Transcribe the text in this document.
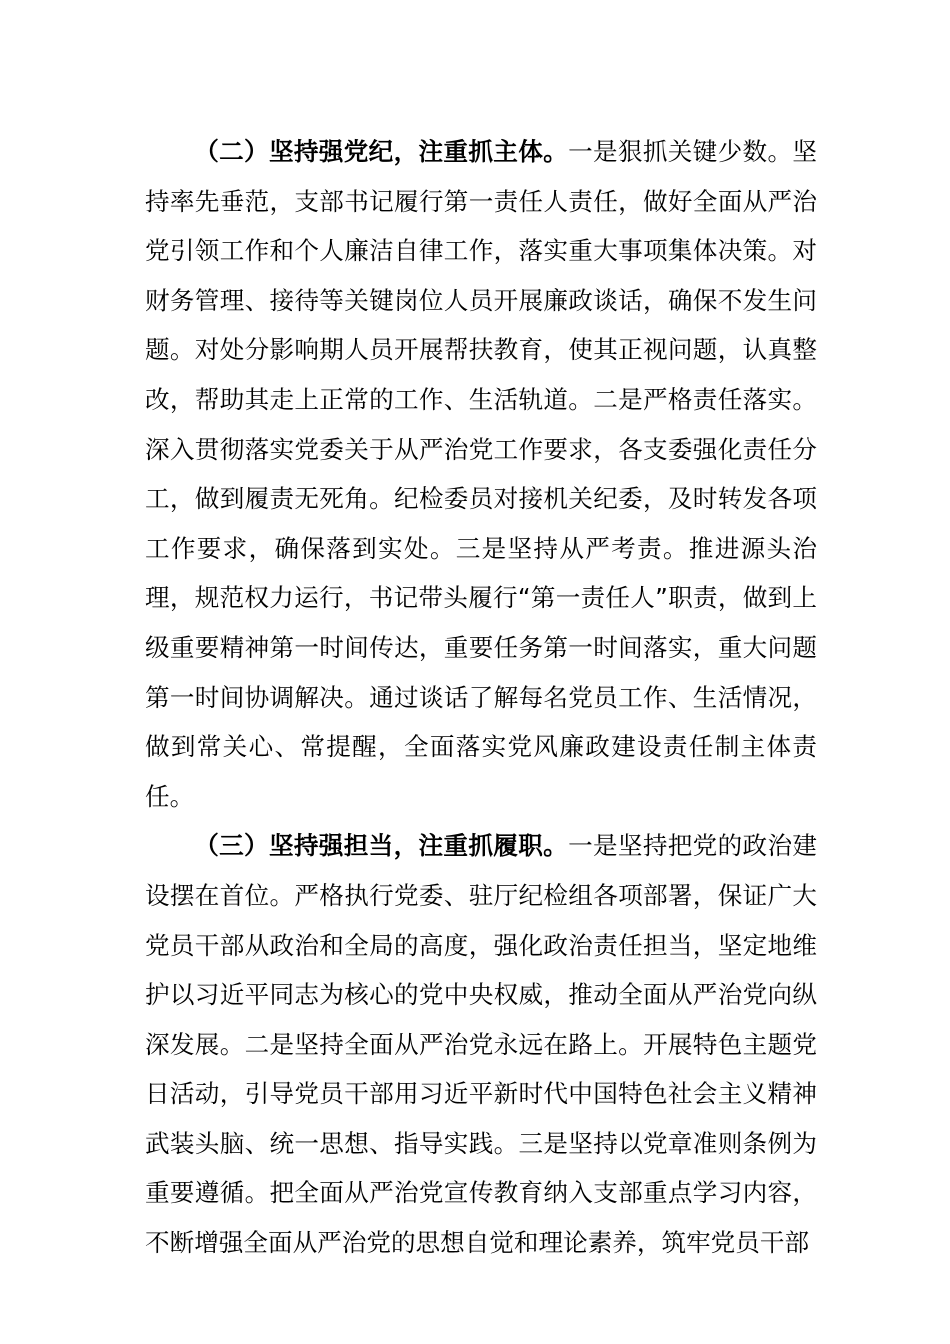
（二）坚持强党纪，注重抓主体。一是狠抓关键少数。坚持率先垂范，支部书记履行第一责任人责任，做好全面从严治党引领工作和个人廉洁自律工作，落实重大事项集体决策。对财务管理、接待等关键岗位人员开展廉政谈话，确保不发生问题。对处分影响期人员开展帮扶教育，使其正视问题，认真整改，帮助其走上正常的工作、生活轨道。二是严格责任落实。深入贯彻落实党委关于从严治党工作要求，各支委强化责任分工，做到履责无死角。纪检委员对接机关纪委，及时转发各项工作要求，确保落到实处。三是坚持从严考责。推进源头治理，规范权力运行，书记带头履行“第一责任人”职责，做到上级重要精神第一时间传达，重要任务第一时间落实，重大问题第一时间协调解决。通过谈话了解每名党员工作、生活情况，做到常关心、常提醒，全面落实党风廉政建设责任制主体责任。

（三）坚持强担当，注重抓履职。一是坚持把党的政治建设摆在首位。严格执行党委、驻厅纪检组各项部署，保证广大党员干部从政治和全局的高度，强化政治责任担当，坚定地维护以习近平同志为核心的党中央权威，推动全面从严治党向纵深发展。二是坚持全面从严治党永远在路上。开展特色主题党日活动，引导党员干部用习近平新时代中国特色社会主义精神武装头脑、统一思想、指导实践。三是坚持以党章准则条例为重要遵循。把全面从严治党宣传教育纳入支部重点学习内容，不断增强全面从严治党的思想自觉和理论素养，筑牢党员干部
